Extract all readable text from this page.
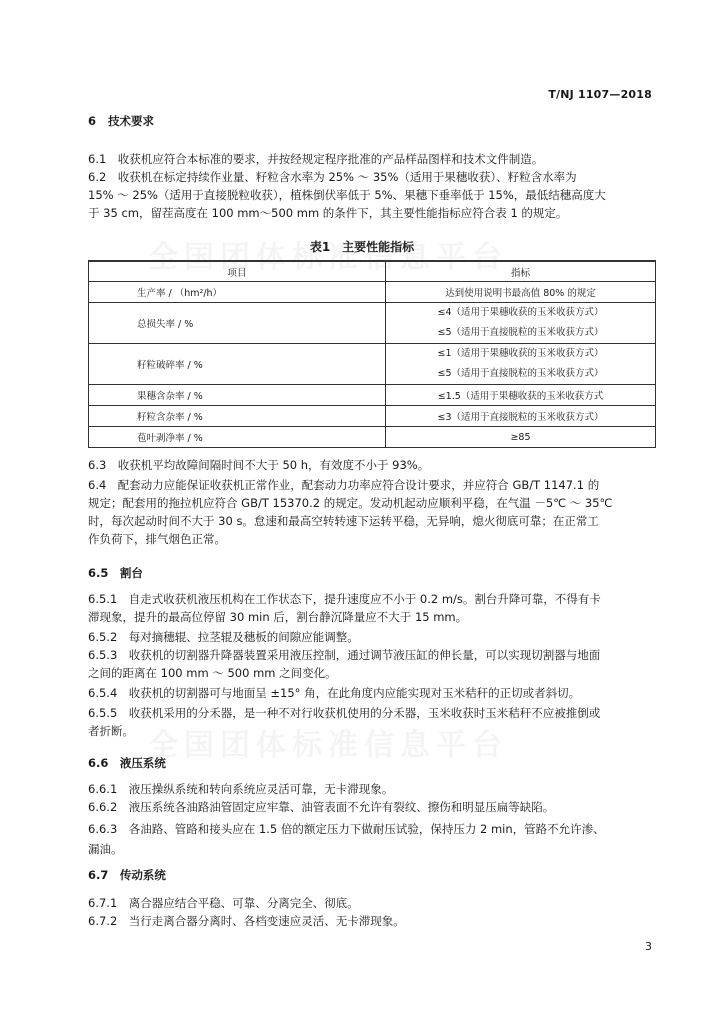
T/NJ 1107—2018
6 技术要求
6.1　收获机应符合本标准的要求，并按经规定程序批准的产品样品图样和技术文件制造。
6.2　收获机在标定持续作业量、籽粒含水率为 25% ～ 35%（适用于果穗收获）、籽粒含水率为
15% ～ 25%（适用于直接脱粒收获），植株倒伏率低于 5%、果穗下垂率低于 15%，最低结穗高度大
于 35 cm，留茬高度在 100 mm～500 mm 的条件下，其主要性能指标应符合表 1 的规定。
表1　主要性能指标
项目	指标
生产率 / （hm²/h）	达到使用说明书最高值 80% 的规定
总损失率 / %	≤4（适用于果穗收获的玉米收获方式）
≤5（适用于直接脱粒的玉米收获方式）

籽粒破碎率 / %	≤1（适用于果穗收获的玉米收获方式）
≤5（适用于直接脱粒的玉米收获方式）

果穗含杂率 / %	≤1.5（适用于果穗收获的玉米收获方式
籽粒含杂率 / %	≤3（适用于直接脱粒的玉米收获方式）
苞叶剥净率 / %	≥85
6.3　收获机平均故障间隔时间不大于 50 h，有效度不小于 93%。
6.4　配套动力应能保证收获机正常作业，配套动力功率应符合设计要求，并应符合 GB/T 1147.1 的
规定；配套用的拖拉机应符合 GB/T 15370.2 的规定。发动机起动应顺利平稳，在气温 －5℃ ～ 35℃
时，每次起动时间不大于 30 s。怠速和最高空转转速下运转平稳，无异响，熄火彻底可靠；在正常工
作负荷下，排气烟色正常。
6.5　割台
6.5.1　自走式收获机液压机构在工作状态下，提升速度应不小于 0.2 m/s。割台升降可靠，不得有卡
滞现象，提升的最高位停留 30 min 后，割台静沉降量应不大于 15 mm。
6.5.2　每对摘穗辊、拉茎辊及穗板的间隙应能调整。
6.5.3　收获机的切割器升降器装置采用液压控制，通过调节液压缸的伸长量，可以实现切割器与地面
之间的距离在 100 mm ～ 500 mm 之间变化。
6.5.4　收获机的切割器可与地面呈 ±15° 角，在此角度内应能实现对玉米秸秆的正切或者斜切。
6.5.5　收获机采用的分禾器，是一种不对行收获机使用的分禾器，玉米收获时玉米秸秆不应被推倒或
者折断。
6.6　液压系统
6.6.1　液压操纵系统和转向系统应灵活可靠，无卡滞现象。
6.6.2　液压系统各油路油管固定应牢靠、油管表面不允许有裂纹、擦伤和明显压扁等缺陷。
6.6.3　各油路、管路和接头应在 1.5 倍的额定压力下做耐压试验，保持压力 2 min，管路不允许渗、
漏油。
6.7　传动系统
6.7.1　离合器应结合平稳、可靠、分离完全、彻底。
6.7.2　当行走离合器分离时、各档变速应灵活、无卡滞现象。
3
